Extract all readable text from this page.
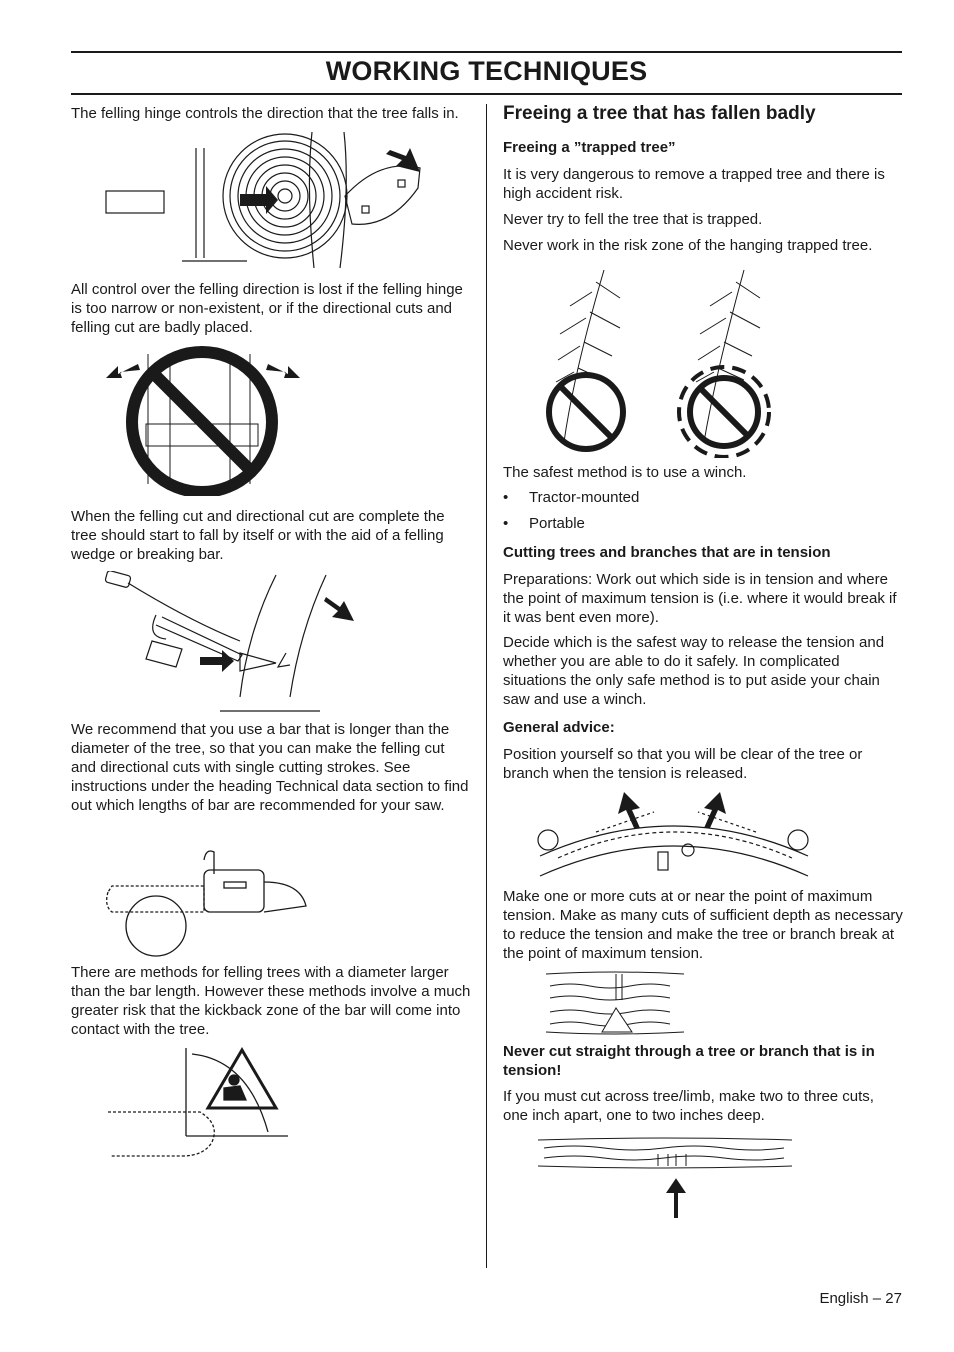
WORKING TECHNIQUES

The felling hinge controls the direction that the tree falls in.

All control over the felling direction is lost if the felling hinge is too narrow or non-existent, or if the directional cuts and felling cut are badly placed.

When the felling cut and directional cut are complete the tree should start to fall by itself or with the aid of a felling wedge or breaking bar.

We recommend that you use a bar that is longer than the diameter of the tree, so that you can make the felling cut and directional cuts with single cutting strokes. See instructions under the heading Technical data section to find out which lengths of bar are recommended for your saw.

There are methods for felling trees with a diameter larger than the bar length. However these methods involve a much greater risk that the kickback zone of the bar will come into contact with the tree.

Freeing a tree that has fallen badly
Freeing a ”trapped tree”

It is very dangerous to remove a trapped tree and there is high accident risk.

Never try to fell the tree that is trapped.

Never work in the risk zone of the hanging trapped tree.

The safest method is to use a winch.

• Tractor-mounted
• Portable
Cutting trees and branches that are in tension

Preparations: Work out which side is in tension and where the point of maximum tension is (i.e. where it would break if it was bent even more).

Decide which is the safest way to release the tension and whether you are able to do it safely. In complicated situations the only safe method is to put aside your chain saw and use a winch.

General advice:

Position yourself so that you will be clear of the tree or branch when the tension is released.

Make one or more cuts at or near the point of maximum tension. Make as many cuts of sufficient depth as necessary to reduce the tension and make the tree or branch break at the point of maximum tension.

Never cut straight through a tree or branch that is in tension!

If you must cut across tree/limb, make two to three cuts, one inch apart, one to two inches deep.

English – 27
